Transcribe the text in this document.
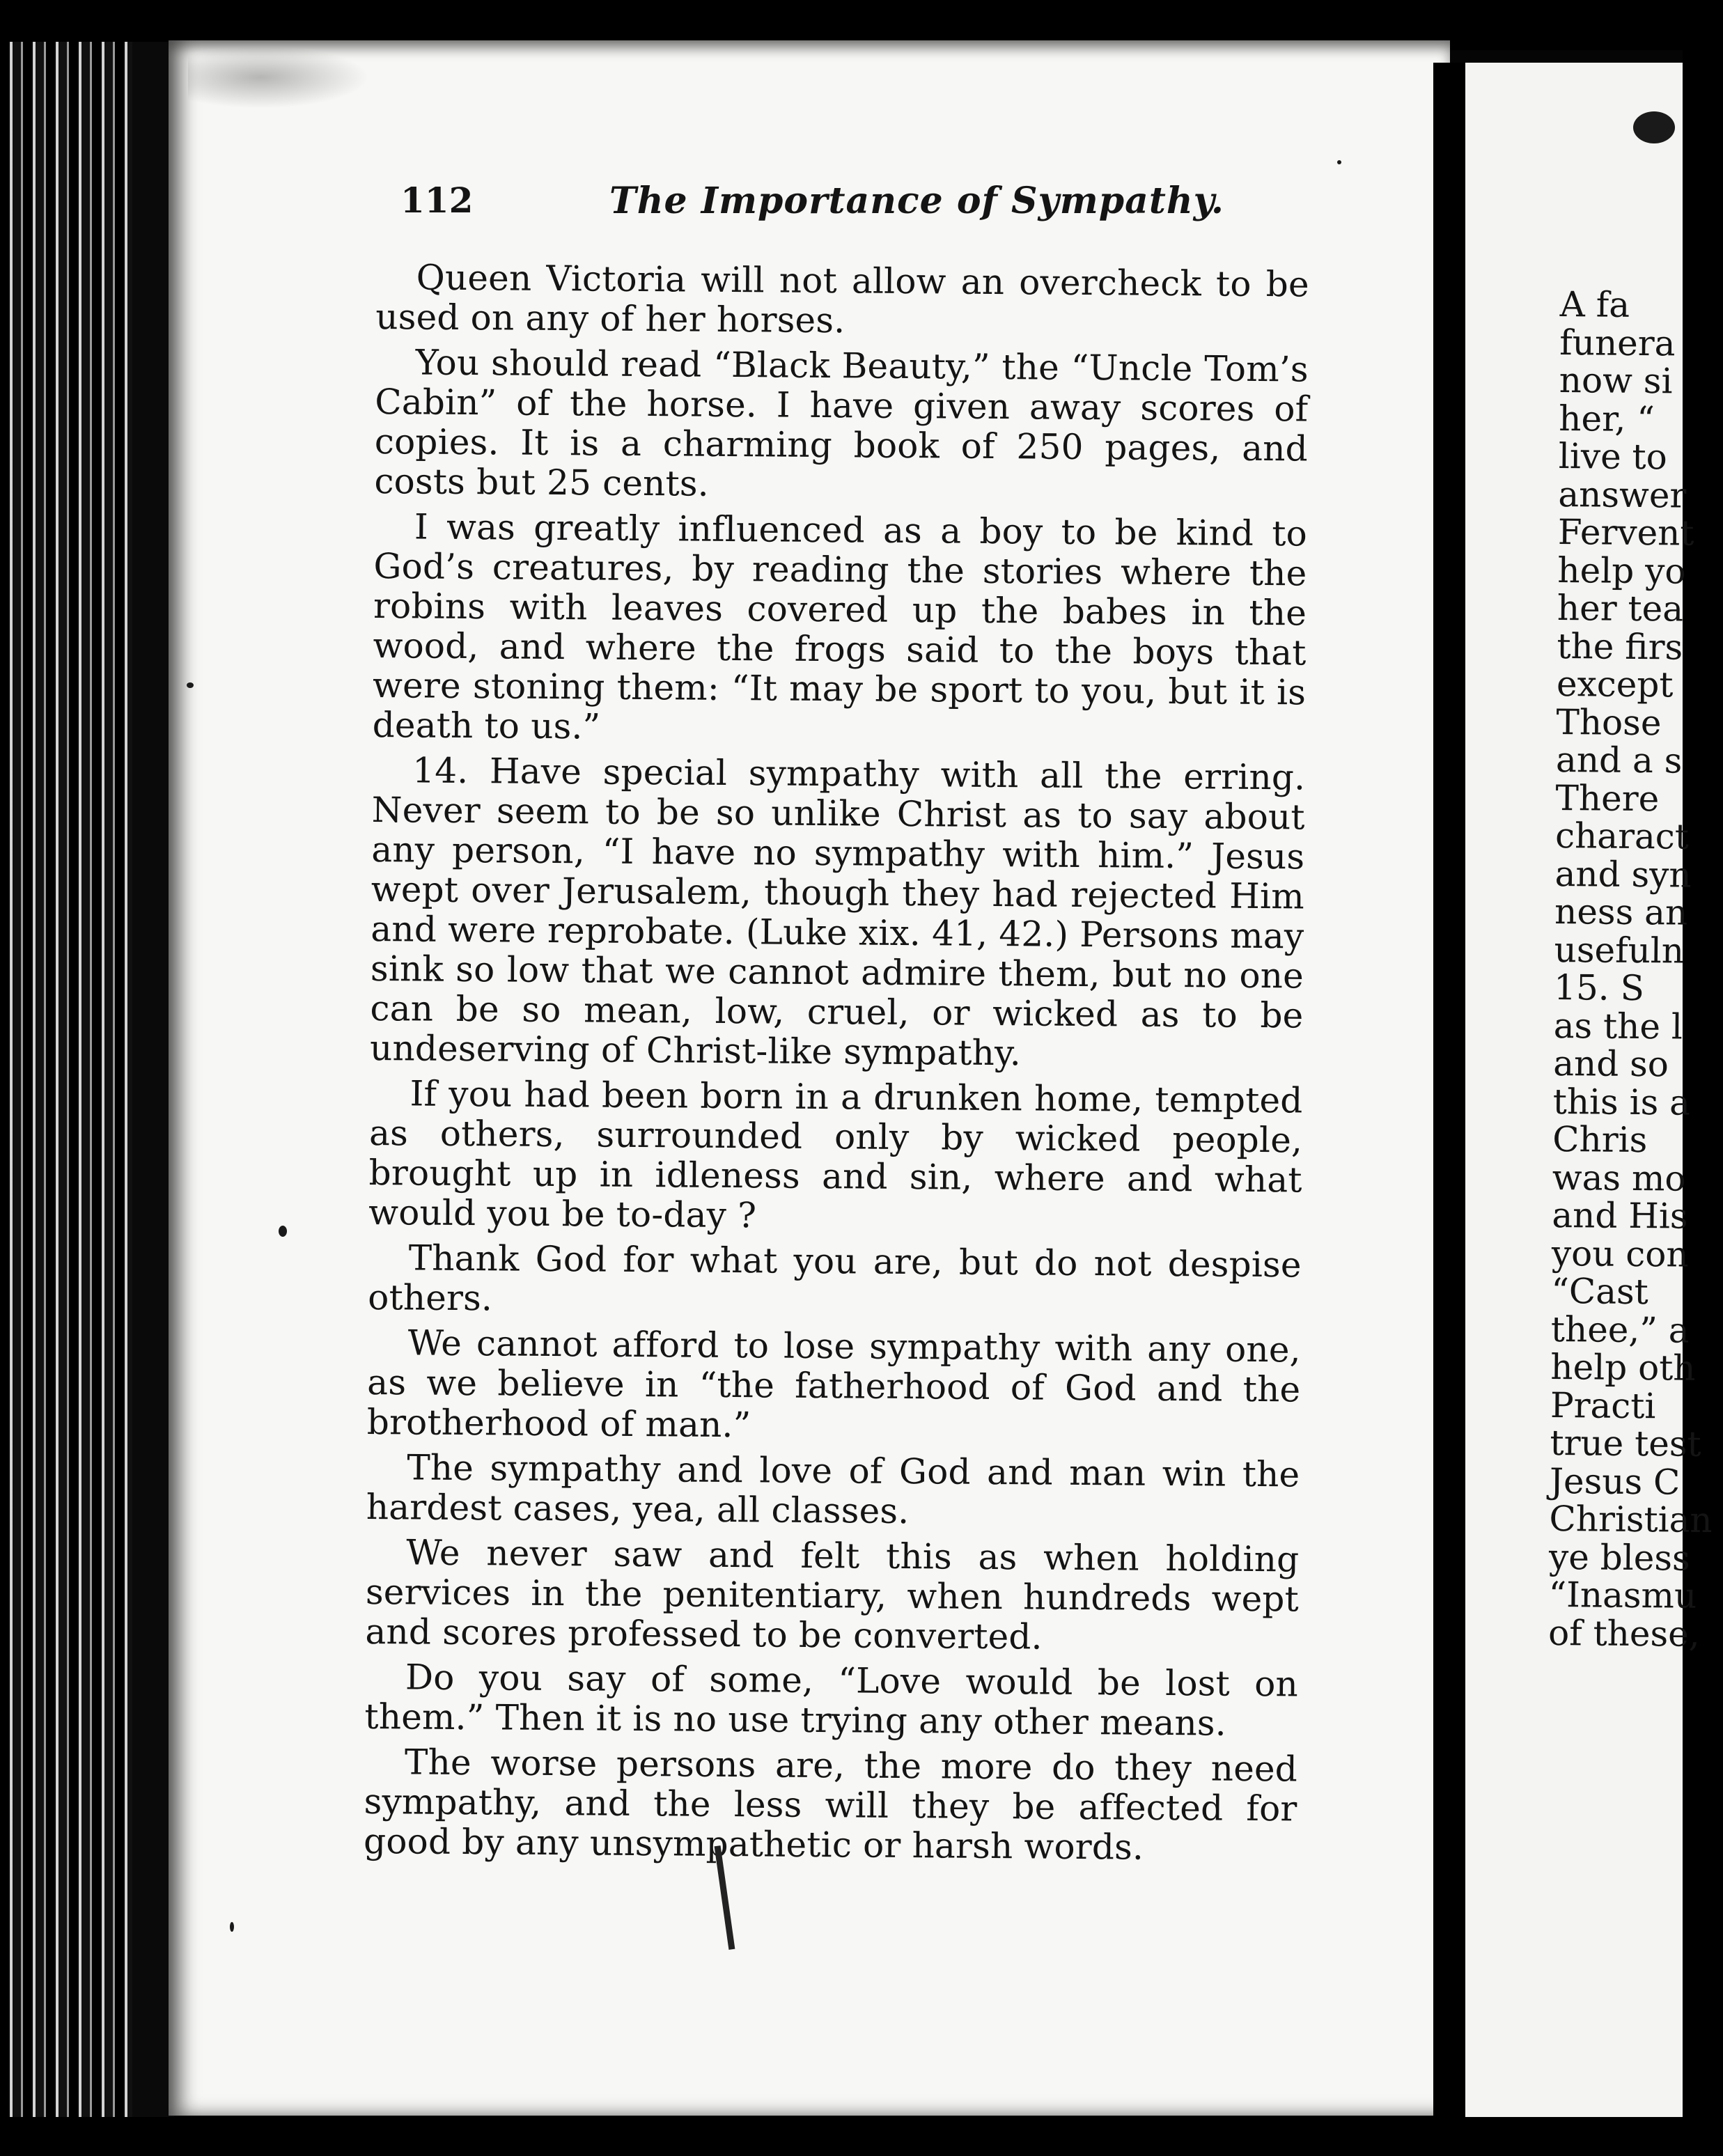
112	The Importance of Sympathy.

Queen Victoria will not allow an overcheck to be used on any of her horses.

You should read “Black Beauty,” the “Uncle Tom’s Cabin” of the horse. I have given away scores of copies. It is a charming book of 250 pages, and costs but 25 cents.

I was greatly influenced as a boy to be kind to God’s creatures, by reading the stories where the robins with leaves covered up the babes in the wood, and where the frogs said to the boys that were stoning them: “It may be sport to you, but it is death to us.”

14. Have special sympathy with all the erring. Never seem to be so unlike Christ as to say about any person, “I have no sympathy with him.” Jesus wept over Jerusalem, though they had rejected Him and were reprobate. (Luke xix. 41, 42.) Persons may sink so low that we cannot admire them, but no one can be so mean, low, cruel, or wicked as to be undeserving of Christ-like sympathy.

If you had been born in a drunken home, tempted as others, surrounded only by wicked people, brought up in idleness and sin, where and what would you be to-day ?

Thank God for what you are, but do not despise others.

We cannot afford to lose sympathy with any one, as we believe in “the fatherhood of God and the brotherhood of man.”

The sympathy and love of God and man win the hardest cases, yea, all classes.

We never saw and felt this as when holding services in the penitentiary, when hundreds wept and scores professed to be converted.

Do you say of some, “Love would be lost on them.” Then it is no use trying any other means.

The worse persons are, the more do they need sympathy, and the less will they be affected for good by any unsympathetic or harsh words.

A fa
funera
now si
her, “
live to
answer
Fervent
help yo
her tea
the firs
except
Those
and a s
There
charact
and syn
ness an
usefuln
15. S
as the l
and so
this is a
Chris
was mo
and His
you con
“Cast
thee,” a
help oth
Practi
true test
Jesus C
Christian
ye bless
“Inasmu
of these,
